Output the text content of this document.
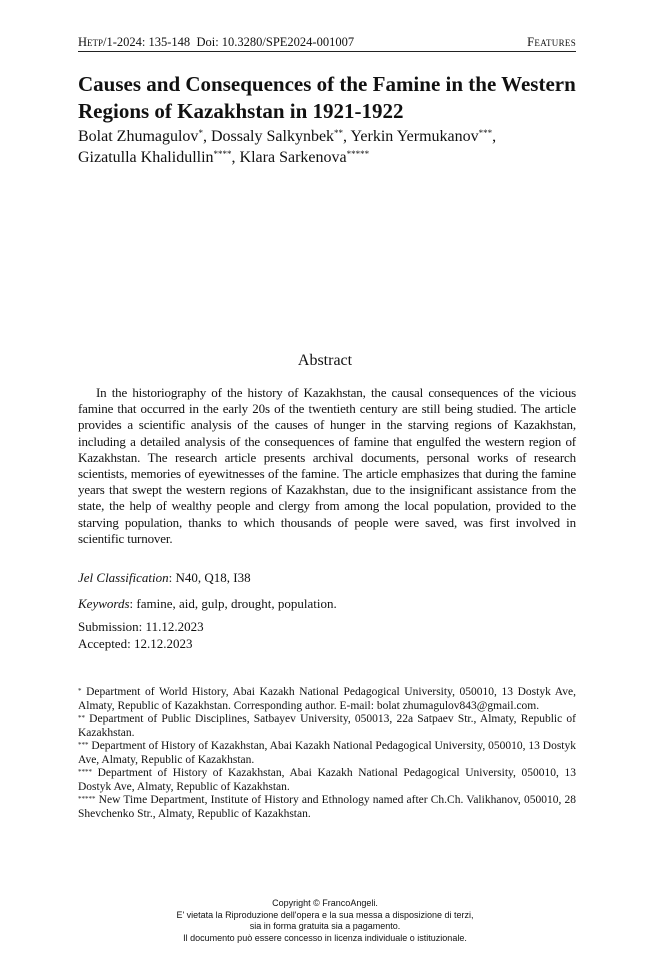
Hetp/1-2024: 135-148 Doi: 10.3280/SPE2024-001007	Features
Causes and Consequences of the Famine in the Western Regions of Kazakhstan in 1921-1922
Bolat Zhumagulov*, Dossaly Salkynbek**, Yerkin Yermukanov***,
Gizatulla Khalidullin****, Klara Sarkenova*****
Abstract

In the historiography of the history of Kazakhstan, the causal consequences of the vicious famine that occurred in the early 20s of the twentieth century are still being studied. The article provides a scientific analysis of the causes of hunger in the starving regions of Kazakhstan, including a detailed analysis of the consequences of famine that engulfed the western region of Kazakhstan. The research article presents archival documents, personal works of research scientists, memories of eyewitnesses of the famine. The article emphasizes that during the famine years that swept the western regions of Kazakhstan, due to the insignificant assistance from the state, the help of wealthy people and clergy from among the local population, provided to the starving population, thanks to which thousands of people were saved, was first involved in scientific turnover.

Jel Classification: N40, Q18, I38
Keywords: famine, aid, gulp, drought, population.
Submission: 11.12.2023
Accepted: 12.12.2023

* Department of World History, Abai Kazakh National Pedagogical University, 050010, 13 Dostyk Ave, Almaty, Republic of Kazakhstan. Corresponding author. E-mail: bolat zhumagulov843@gmail.com.

** Department of Public Disciplines, Satbayev University, 050013, 22a Satpaev Str., Almaty, Republic of Kazakhstan.

*** Department of History of Kazakhstan, Abai Kazakh National Pedagogical University, 050010, 13 Dostyk Ave, Almaty, Republic of Kazakhstan.

**** Department of History of Kazakhstan, Abai Kazakh National Pedagogical University, 050010, 13 Dostyk Ave, Almaty, Republic of Kazakhstan.

***** New Time Department, Institute of History and Ethnology named after Ch.Ch. Valikhanov, 050010, 28 Shevchenko Str., Almaty, Republic of Kazakhstan.

Copyright © FrancoAngeli.
E' vietata la Riproduzione dell'opera e la sua messa a disposizione di terzi,
sia in forma gratuita sia a pagamento.
Il documento può essere concesso in licenza individuale o istituzionale.
